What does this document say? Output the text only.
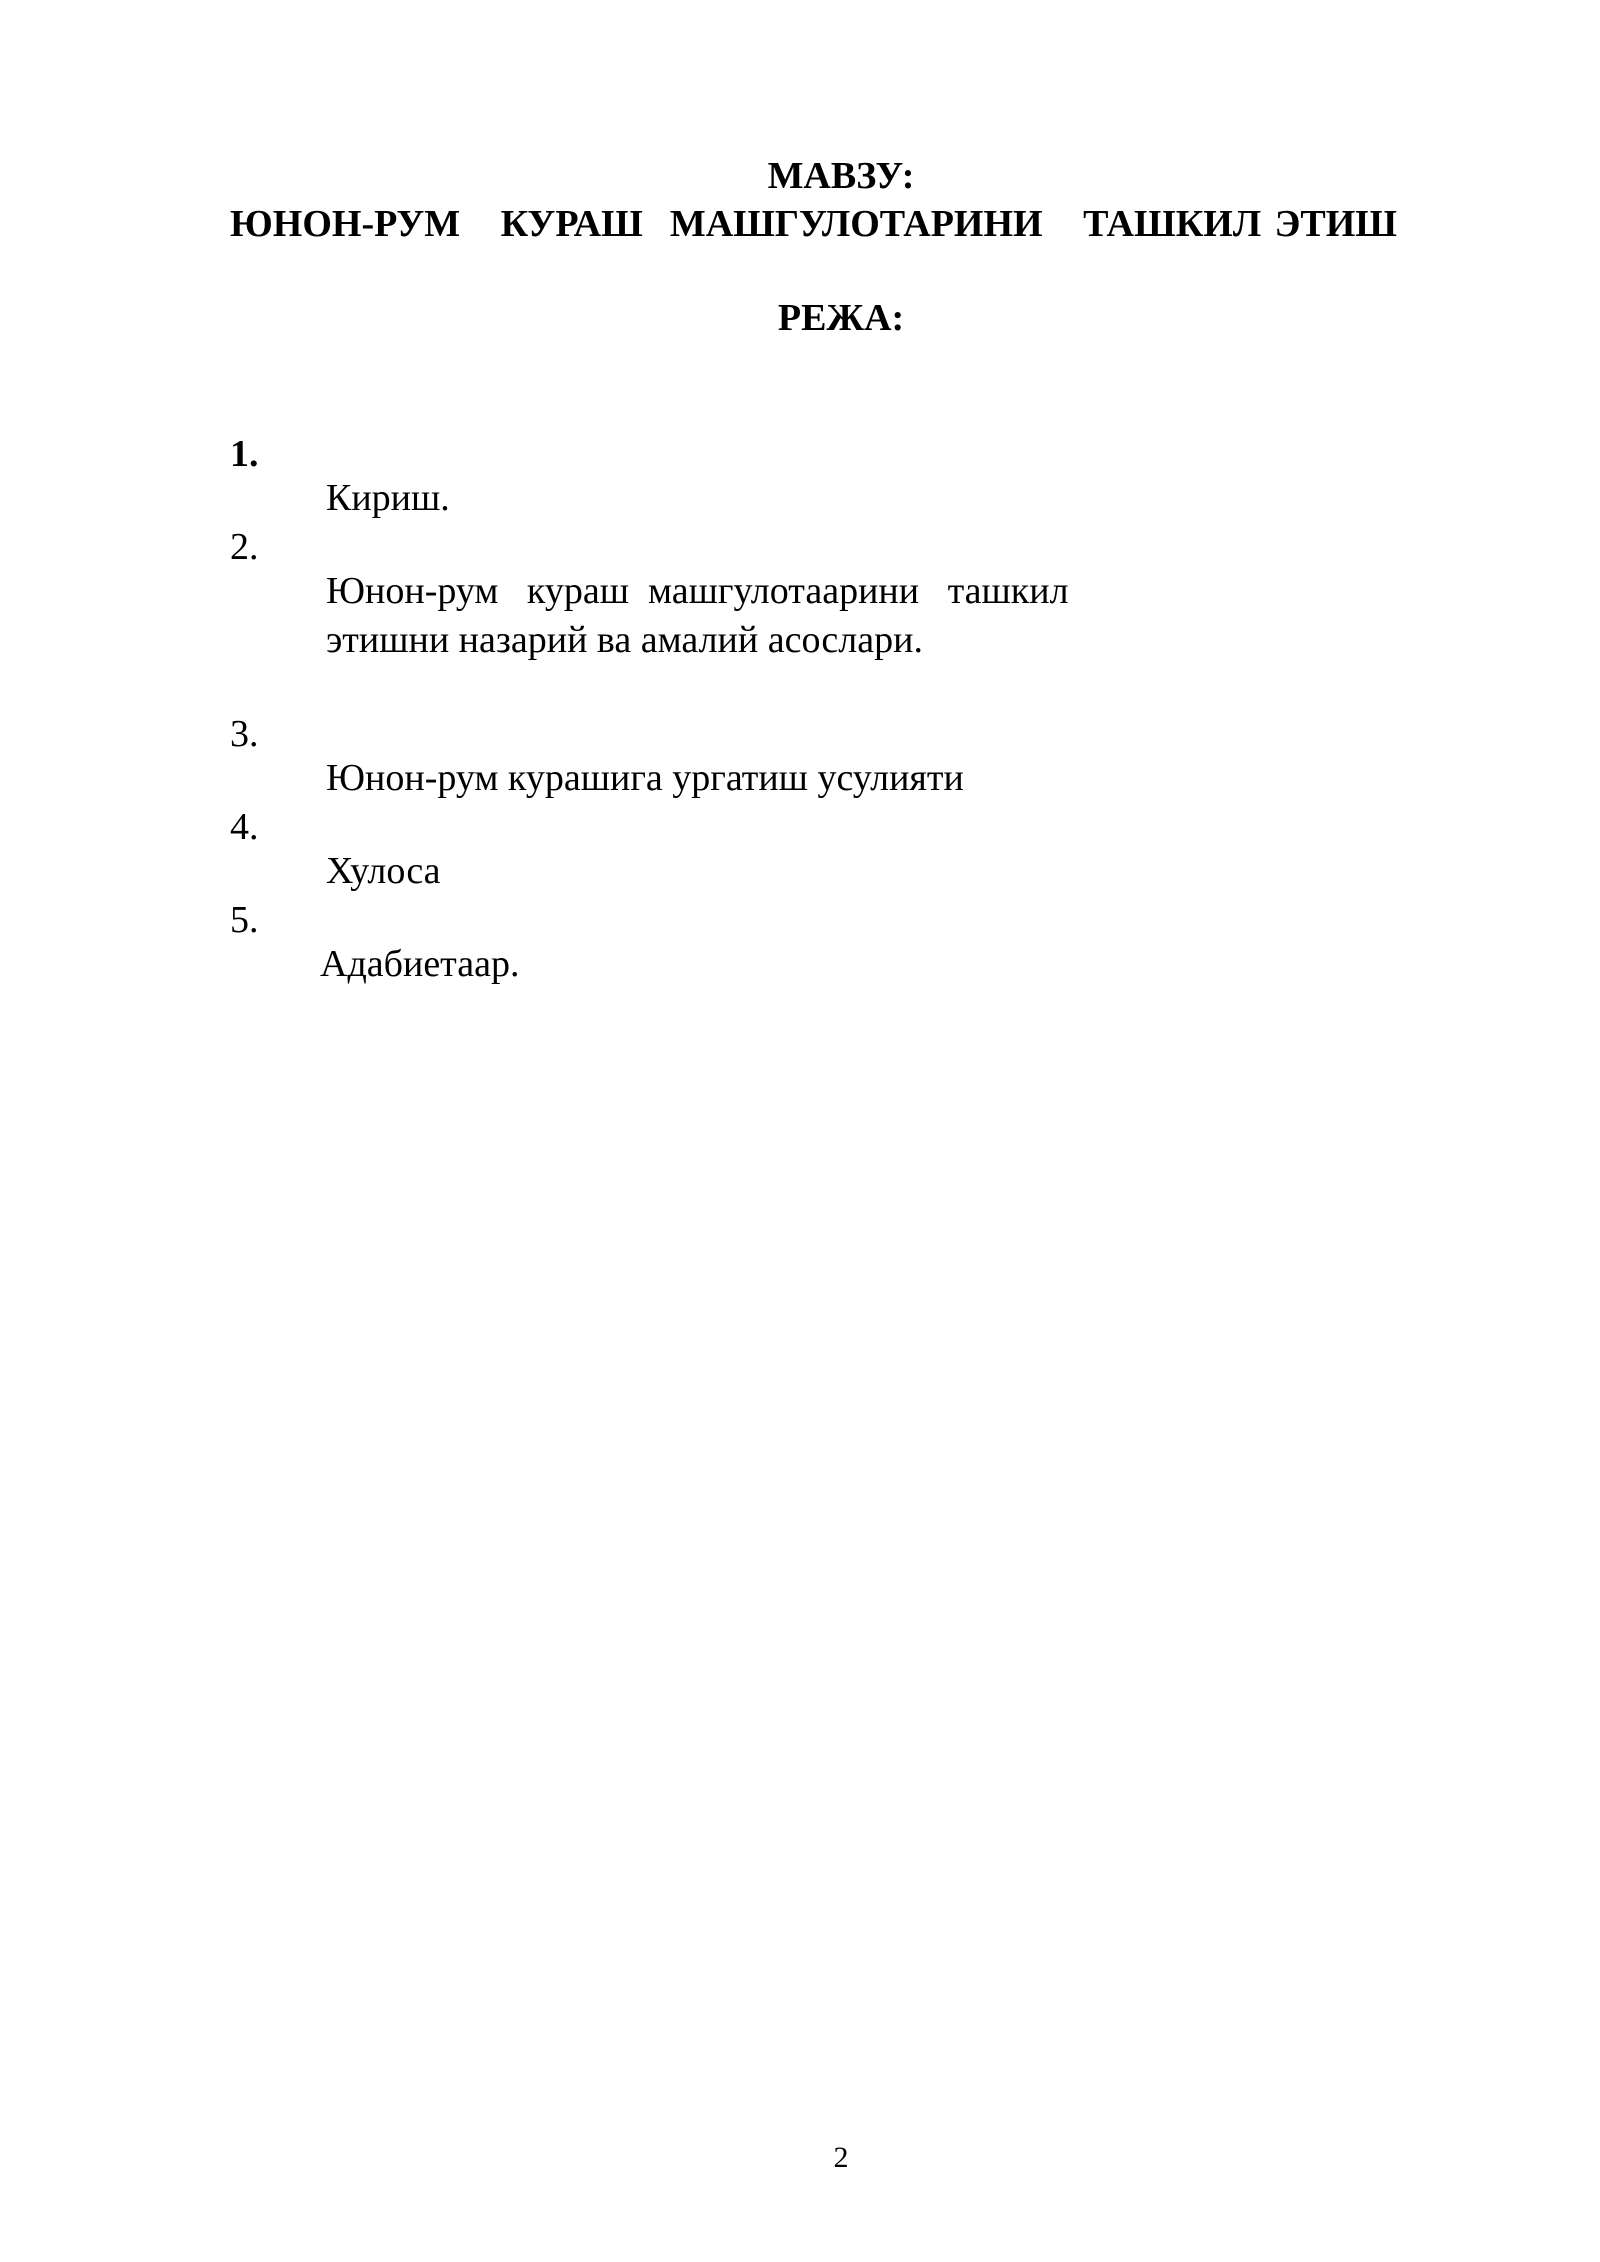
МАВЗУ:
ЮНОН-РУМ   КУРАШ  МАШГУЛОТАРИНИ   ТАШКИЛ ЭТИШ
РЕЖА:

1.

Кириш.

2.

Юнон-рум   кураш  машгулотаарини   ташкил

этишни назарий ва амалий асослари.

3.

Юнон-рум курашига ургатиш усулияти

4.

Хулоса

5.

Адабиетаар.

2
